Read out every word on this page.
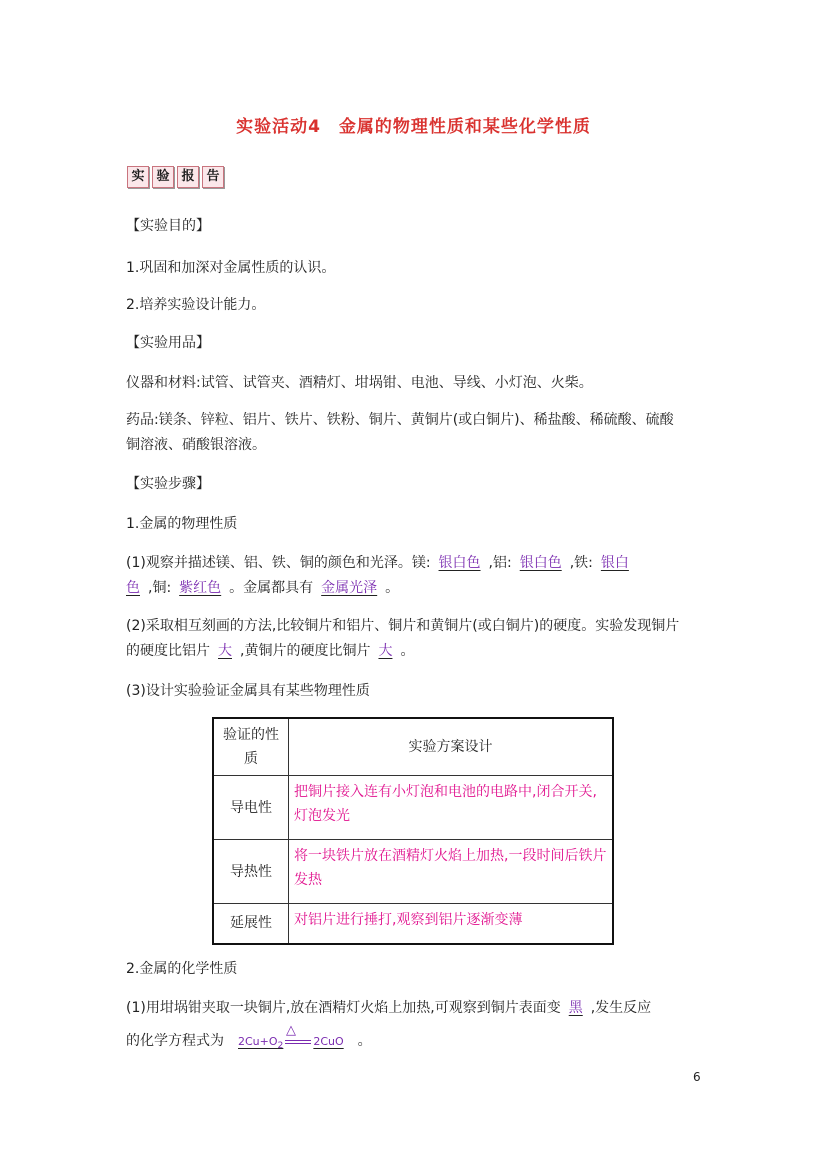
实验活动4　金属的物理性质和某些化学性质
实 验 报 告
【实验目的】
1.巩固和加深对金属性质的认识。
2.培养实验设计能力。
【实验用品】
仪器和材料:试管、试管夹、酒精灯、坩埚钳、电池、导线、小灯泡、火柴。
药品:镁条、锌粒、铝片、铁片、铁粉、铜片、黄铜片(或白铜片)、稀盐酸、稀硫酸、硫酸
铜溶液、硝酸银溶液。
【实验步骤】
1.金属的物理性质
(1)观察并描述镁、铝、铁、铜的颜色和光泽。镁: 银白色 ,铝: 银白色 ,铁: 银白
色 ,铜: 紫红色 。金属都具有 金属光泽 。
(2)采取相互刻画的方法,比较铜片和铝片、铜片和黄铜片(或白铜片)的硬度。实验发现铜片
的硬度比铝片 大 ,黄铜片的硬度比铜片 大 。
(3)设计实验验证金属具有某些物理性质
验证的性质	实验方案设计
导电性	把铜片接入连有小灯泡和电池的电路中,闭合开关,灯泡发光
导热性	将一块铁片放在酒精灯火焰上加热,一段时间后铁片发热
延展性	对铝片进行捶打,观察到铝片逐渐变薄
2.金属的化学性质
(1)用坩埚钳夹取一块铜片,放在酒精灯火焰上加热,可观察到铜片表面变 黑 ,发生反应
的化学方程式为
△
$2Cu+O_2$	2CuO 。
6
